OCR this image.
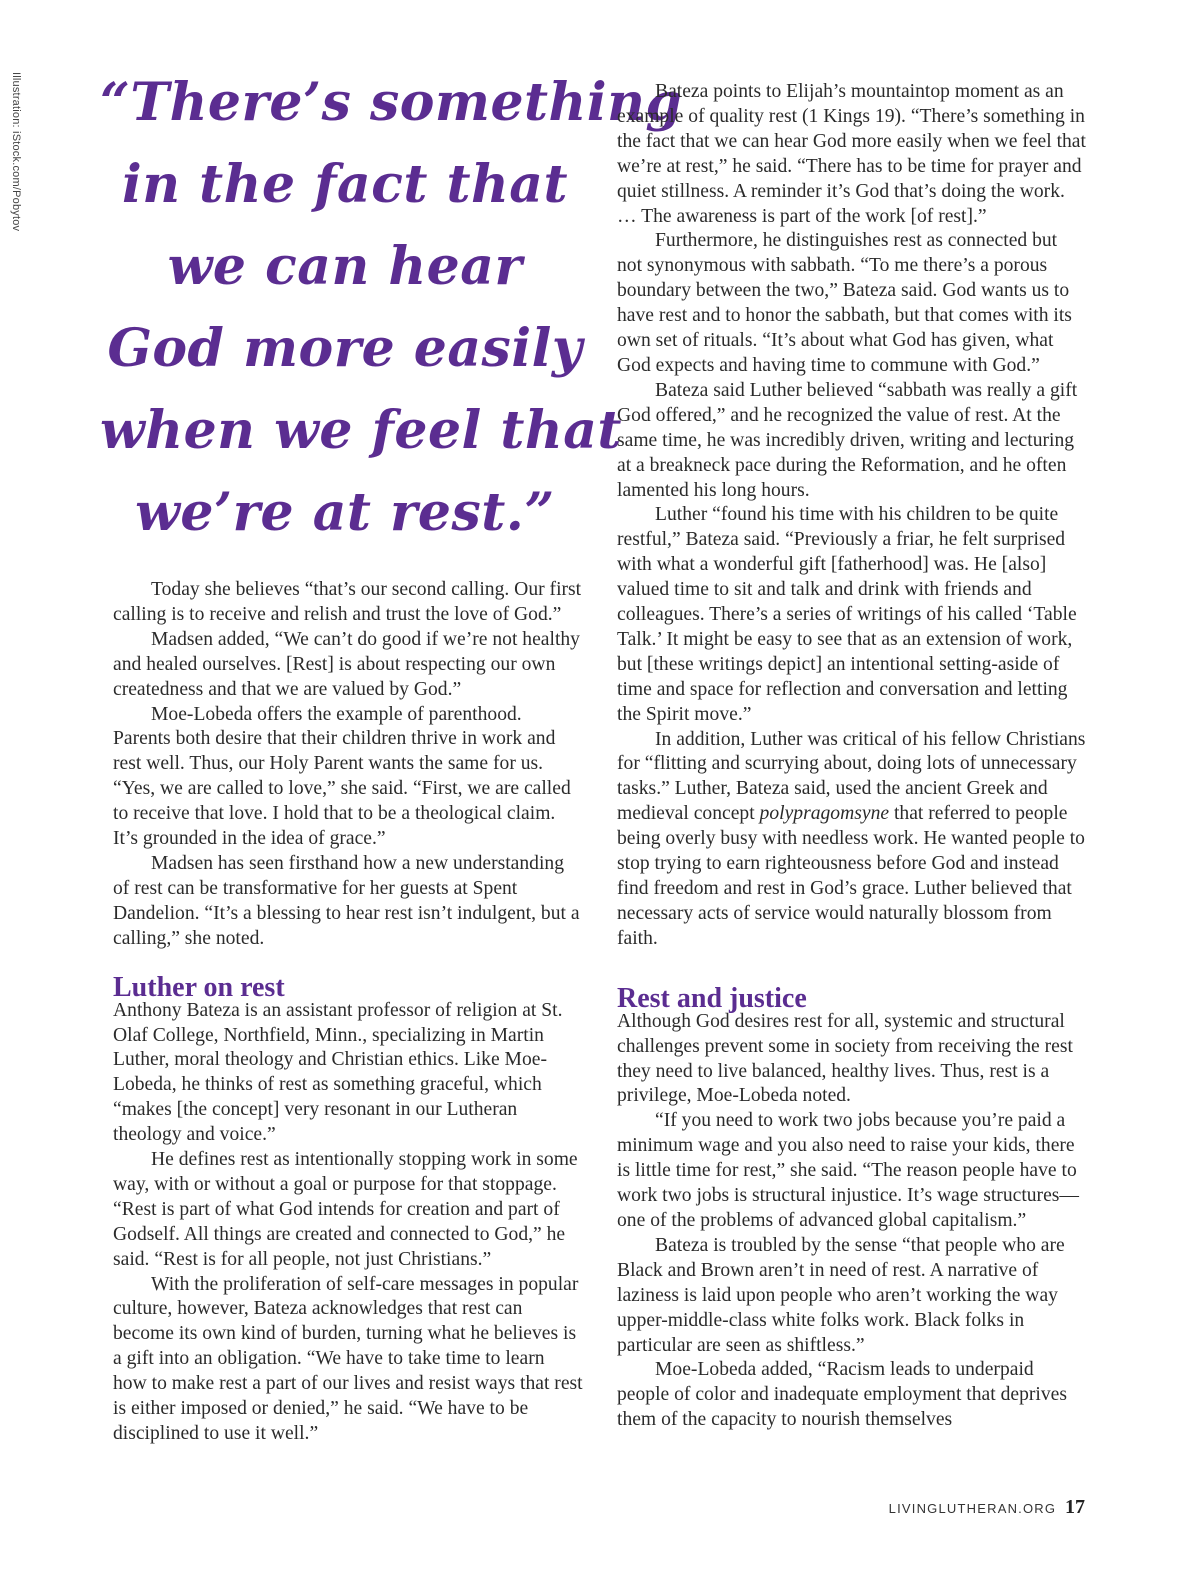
Illustration: iStock.com/Pobytov “There’s something
in the fact that
we can hear
God more easily
when we feel that
we’re at rest.”

Today she believes “that’s our second calling. Our first calling is to receive and relish and trust the love of God.”

Madsen added, “We can’t do good if we’re not healthy and healed ourselves. [Rest] is about respecting our own createdness and that we are valued by God.”

Moe-Lobeda offers the example of parenthood. Parents both desire that their children thrive in work and rest well. Thus, our Holy Parent wants the same for us. “Yes, we are called to love,” she said. “First, we are called to receive that love. I hold that to be a theological claim. It’s grounded in the idea of grace.”

Madsen has seen firsthand how a new understanding of rest can be transformative for her guests at Spent Dandelion. “It’s a blessing to hear rest isn’t indulgent, but a calling,” she noted.

Luther on rest

Anthony Bateza is an assistant professor of religion at St. Olaf College, Northfield, Minn., specializing in Martin Luther, moral theology and Christian ethics. Like Moe-Lobeda, he thinks of rest as something graceful, which “makes [the concept] very resonant in our Lutheran theology and voice.”

He defines rest as intentionally stopping work in some way, with or without a goal or purpose for that stoppage. “Rest is part of what God intends for creation and part of Godself. All things are created and connected to God,” he said. “Rest is for all people, not just Christians.”

With the proliferation of self-care messages in popular culture, however, Bateza acknowledges that rest can become its own kind of burden, turning what he believes is a gift into an obligation. “We have to take time to learn how to make rest a part of our lives and resist ways that rest is either imposed or denied,” he said. “We have to be disciplined to use it well.”

Bateza points to Elijah’s mountaintop moment as an example of quality rest (1 Kings 19). “There’s something in the fact that we can hear God more easily when we feel that we’re at rest,” he said. “There has to be time for prayer and quiet stillness. A reminder it’s God that’s doing the work. … The awareness is part of the work [of rest].”

Furthermore, he distinguishes rest as connected but not synonymous with sabbath. “To me there’s a porous boundary between the two,” Bateza said. God wants us to have rest and to honor the sabbath, but that comes with its own set of rituals. “It’s about what God has given, what God expects and having time to commune with God.”

Bateza said Luther believed “sabbath was really a gift God offered,” and he recognized the value of rest. At the same time, he was incredibly driven, writing and lecturing at a breakneck pace during the Reformation, and he often lamented his long hours.

Luther “found his time with his children to be quite restful,” Bateza said. “Previously a friar, he felt surprised with what a wonderful gift [fatherhood] was. He [also] valued time to sit and talk and drink with friends and colleagues. There’s a series of writings of his called ‘Table Talk.’ It might be easy to see that as an extension of work, but [these writings depict] an intentional setting-aside of time and space for reflection and conversation and letting the Spirit move.”

In addition, Luther was critical of his fellow Christians for “flitting and scurrying about, doing lots of unnecessary tasks.” Luther, Bateza said, used the ancient Greek and medieval concept polypragomsyne that referred to people being overly busy with needless work. He wanted people to stop trying to earn righteousness before God and instead find freedom and rest in God’s grace. Luther believed that necessary acts of service would naturally blossom from faith.

Rest and justice

Although God desires rest for all, systemic and structural challenges prevent some in society from receiving the rest they need to live balanced, healthy lives. Thus, rest is a privilege, Moe-Lobeda noted.

“If you need to work two jobs because you’re paid a minimum wage and you also need to raise your kids, there is little time for rest,” she said. “The reason people have to work two jobs is structural injustice. It’s wage structures—one of the problems of advanced global capitalism.”

Bateza is troubled by the sense “that people who are Black and Brown aren’t in need of rest. A narrative of laziness is laid upon people who aren’t working the way upper-middle-class white folks work. Black folks in particular are seen as shiftless.”

Moe-Lobeda added, “Racism leads to underpaid people of color and inadequate employment that deprives them of the capacity to nourish themselves

LIVINGLUTHERAN.ORG 17
